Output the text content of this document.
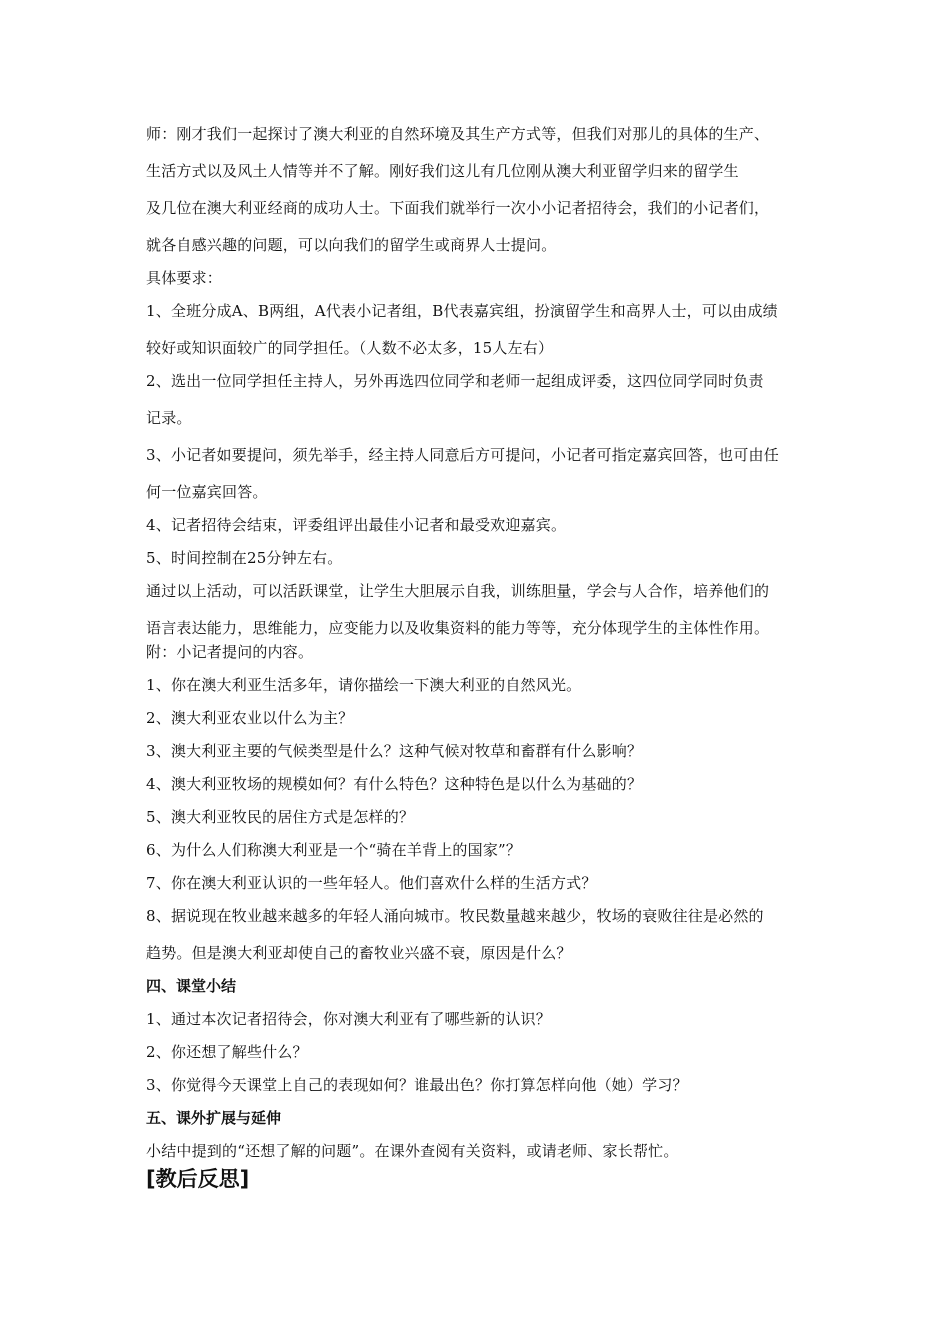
师：刚才我们一起探讨了澳大利亚的自然环境及其生产方式等，但我们对那儿的具体的生产、
生活方式以及风土人情等并不了解。刚好我们这儿有几位刚从澳大利亚留学归来的留学生
及几位在澳大利亚经商的成功人士。下面我们就举行一次小小记者招待会，我们的小记者们，
就各自感兴趣的问题，可以向我们的留学生或商界人士提问。
具体要求：
1、全班分成A、B两组，A代表小记者组，B代表嘉宾组，扮演留学生和高界人士，可以由成绩
较好或知识面较广的同学担任。（人数不必太多，15人左右）
2、选出一位同学担任主持人，另外再选四位同学和老师一起组成评委，这四位同学同时负责
记录。
3、小记者如要提问，须先举手，经主持人同意后方可提问，小记者可指定嘉宾回答，也可由任
何一位嘉宾回答。
4、记者招待会结束，评委组评出最佳小记者和最受欢迎嘉宾。
5、时间控制在25分钟左右。
通过以上活动，可以活跃课堂，让学生大胆展示自我，训练胆量，学会与人合作，培养他们的
语言表达能力，思维能力，应变能力以及收集资料的能力等等，充分体现学生的主体性作用。
附：小记者提问的内容。
1、你在澳大利亚生活多年，请你描绘一下澳大利亚的自然风光。
2、澳大利亚农业以什么为主？
3、澳大利亚主要的气候类型是什么？这种气候对牧草和畜群有什么影响？
4、澳大利亚牧场的规模如何？有什么特色？这种特色是以什么为基础的？
5、澳大利亚牧民的居住方式是怎样的？
6、为什么人们称澳大利亚是一个“骑在羊背上的国家”？
7、你在澳大利亚认识的一些年轻人。他们喜欢什么样的生活方式？
8、据说现在牧业越来越多的年轻人涌向城市。牧民数量越来越少，牧场的衰败往往是必然的
趋势。但是澳大利亚却使自己的畜牧业兴盛不衰，原因是什么？
四、课堂小结
1、通过本次记者招待会，你对澳大利亚有了哪些新的认识？
2、你还想了解些什么？
3、你觉得今天课堂上自己的表现如何？谁最出色？你打算怎样向他（她）学习？
五、课外扩展与延伸
小结中提到的“还想了解的问题”。在课外查阅有关资料，或请老师、家长帮忙。
[教后反思]
